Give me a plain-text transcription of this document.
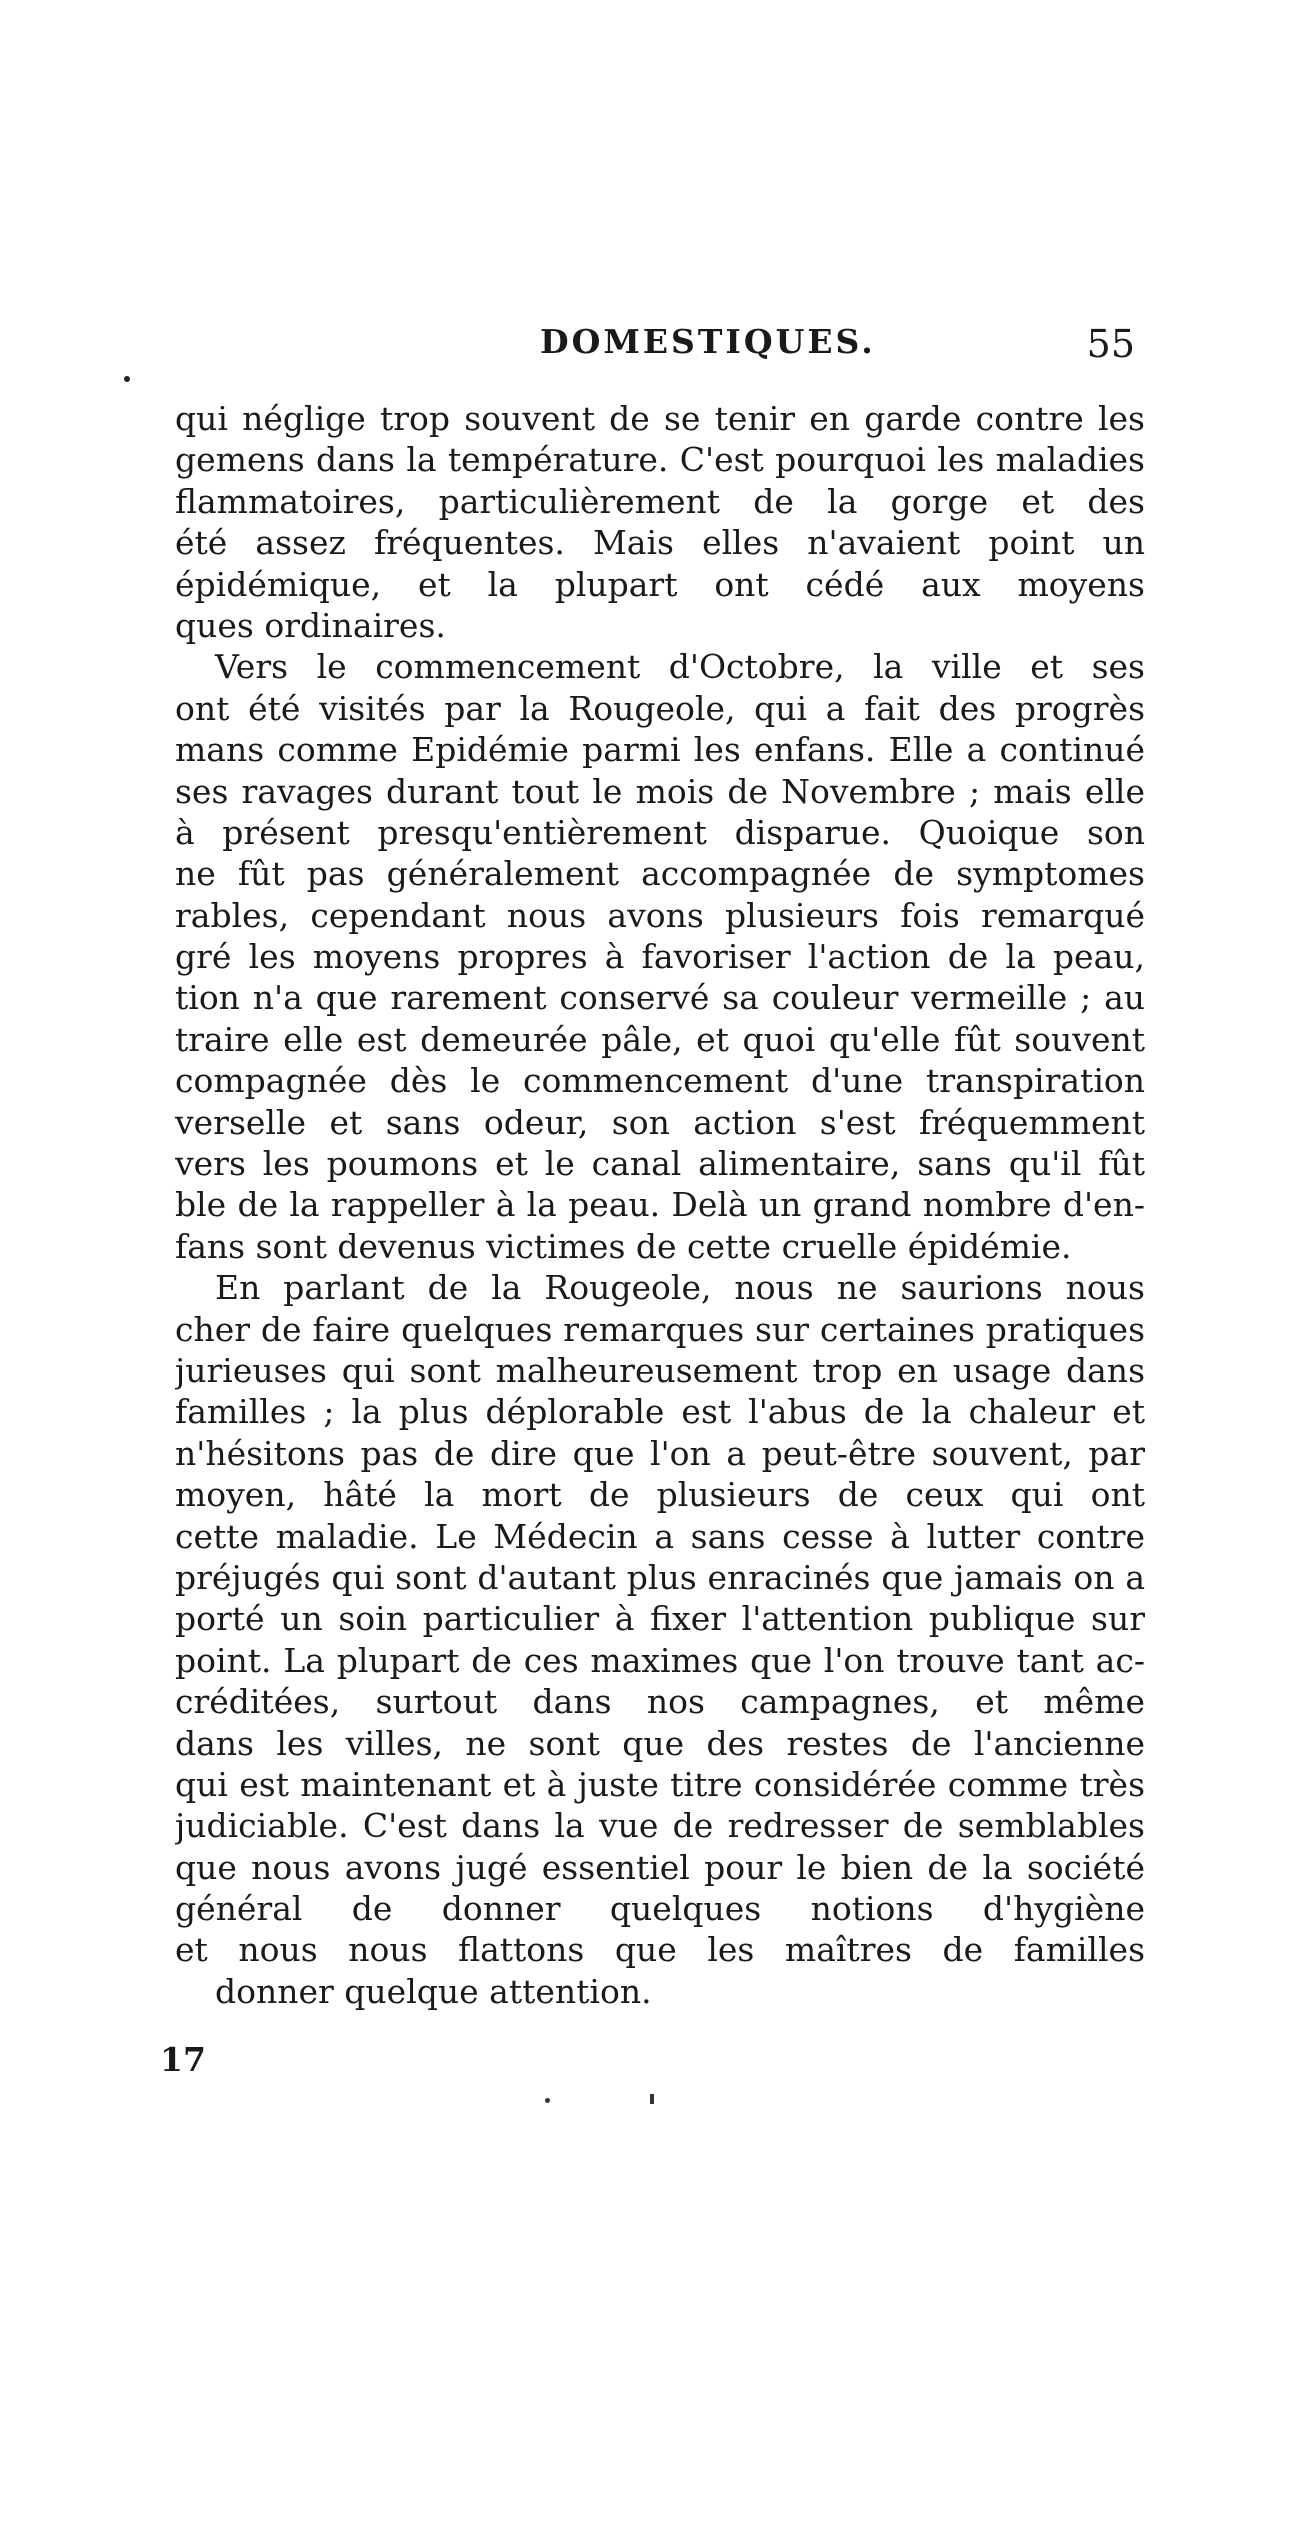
DOMESTIQUES.	55
qui néglige trop souvent de se tenir en garde contre les
gemens dans la température. C'est pourquoi les maladies
flammatoires, particulièrement de la gorge et des
été assez fréquentes. Mais elles n'avaient point un
épidémique, et la plupart ont cédé aux moyens
ques ordinaires.
Vers le commencement d'Octobre, la ville et ses
ont été visités par la Rougeole, qui a fait des progrès
mans comme Epidémie parmi les enfans. Elle a continué
ses ravages durant tout le mois de Novembre ; mais elle
à présent presqu'entièrement disparue. Quoique son
ne fût pas généralement accompagnée de symptomes
rables, cependant nous avons plusieurs fois remarqué
gré les moyens propres à favoriser l'action de la peau,
tion n'a que rarement conservé sa couleur vermeille ; au
traire elle est demeurée pâle, et quoi qu'elle fût souvent
compagnée dès le commencement d'une transpiration
verselle et sans odeur, son action s'est fréquemment
vers les poumons et le canal alimentaire, sans qu'il fût
ble de la rappeller à la peau. Delà un grand nombre d'en-
fans sont devenus victimes de cette cruelle épidémie.
En parlant de la Rougeole, nous ne saurions nous
cher de faire quelques remarques sur certaines pratiques
jurieuses qui sont malheureusement trop en usage dans
familles ; la plus déplorable est l'abus de la chaleur et
n'hésitons pas de dire que l'on a peut-être souvent, par
moyen, hâté la mort de plusieurs de ceux qui ont
cette maladie. Le Médecin a sans cesse à lutter contre
préjugés qui sont d'autant plus enracinés que jamais on a
porté un soin particulier à fixer l'attention publique sur
point. La plupart de ces maximes que l'on trouve tant ac-
créditées, surtout dans nos campagnes, et même
dans les villes, ne sont que des restes de l'ancienne
qui est maintenant et à juste titre considérée comme très
judiciable. C'est dans la vue de redresser de semblables
que nous avons jugé essentiel pour le bien de la société
général de donner quelques notions d'hygiène
et nous nous flattons que les maîtres de familles
donner quelque attention.
17
